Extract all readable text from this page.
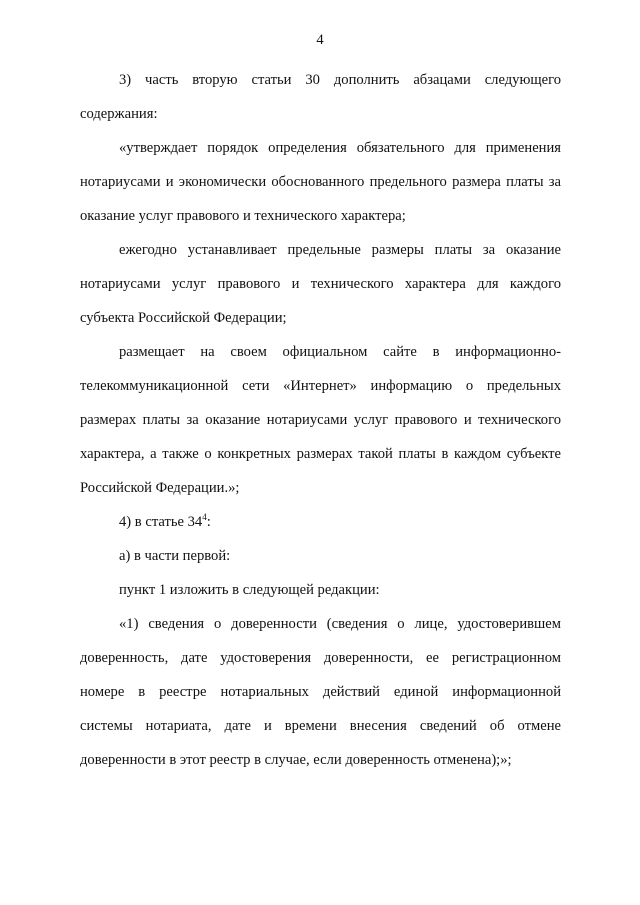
4
3) часть вторую статьи 30 дополнить абзацами следующего
содержания:
«утверждает порядок определения обязательного для применения
нотариусами и экономически обоснованного предельного размера платы за
оказание услуг правового и технического характера;
ежегодно устанавливает предельные размеры платы за оказание
нотариусами услуг правового и технического характера для каждого
субъекта Российской Федерации;
размещает на своем официальном сайте в информационно-
телекоммуникационной сети «Интернет» информацию о предельных
размерах платы за оказание нотариусами услуг правового и технического
характера, а также о конкретных размерах такой платы в каждом субъекте
Российской Федерации.»;
4) в статье $34^4$:
а) в части первой:
пункт 1 изложить в следующей редакции:
«1) сведения о доверенности (сведения о лице, удостоверившем
доверенность, дате удостоверения доверенности, ее регистрационном
номере в реестре нотариальных действий единой информационной
системы нотариата, дате и времени внесения сведений об отмене
доверенности в этот реестр в случае, если доверенность отменена);»;
